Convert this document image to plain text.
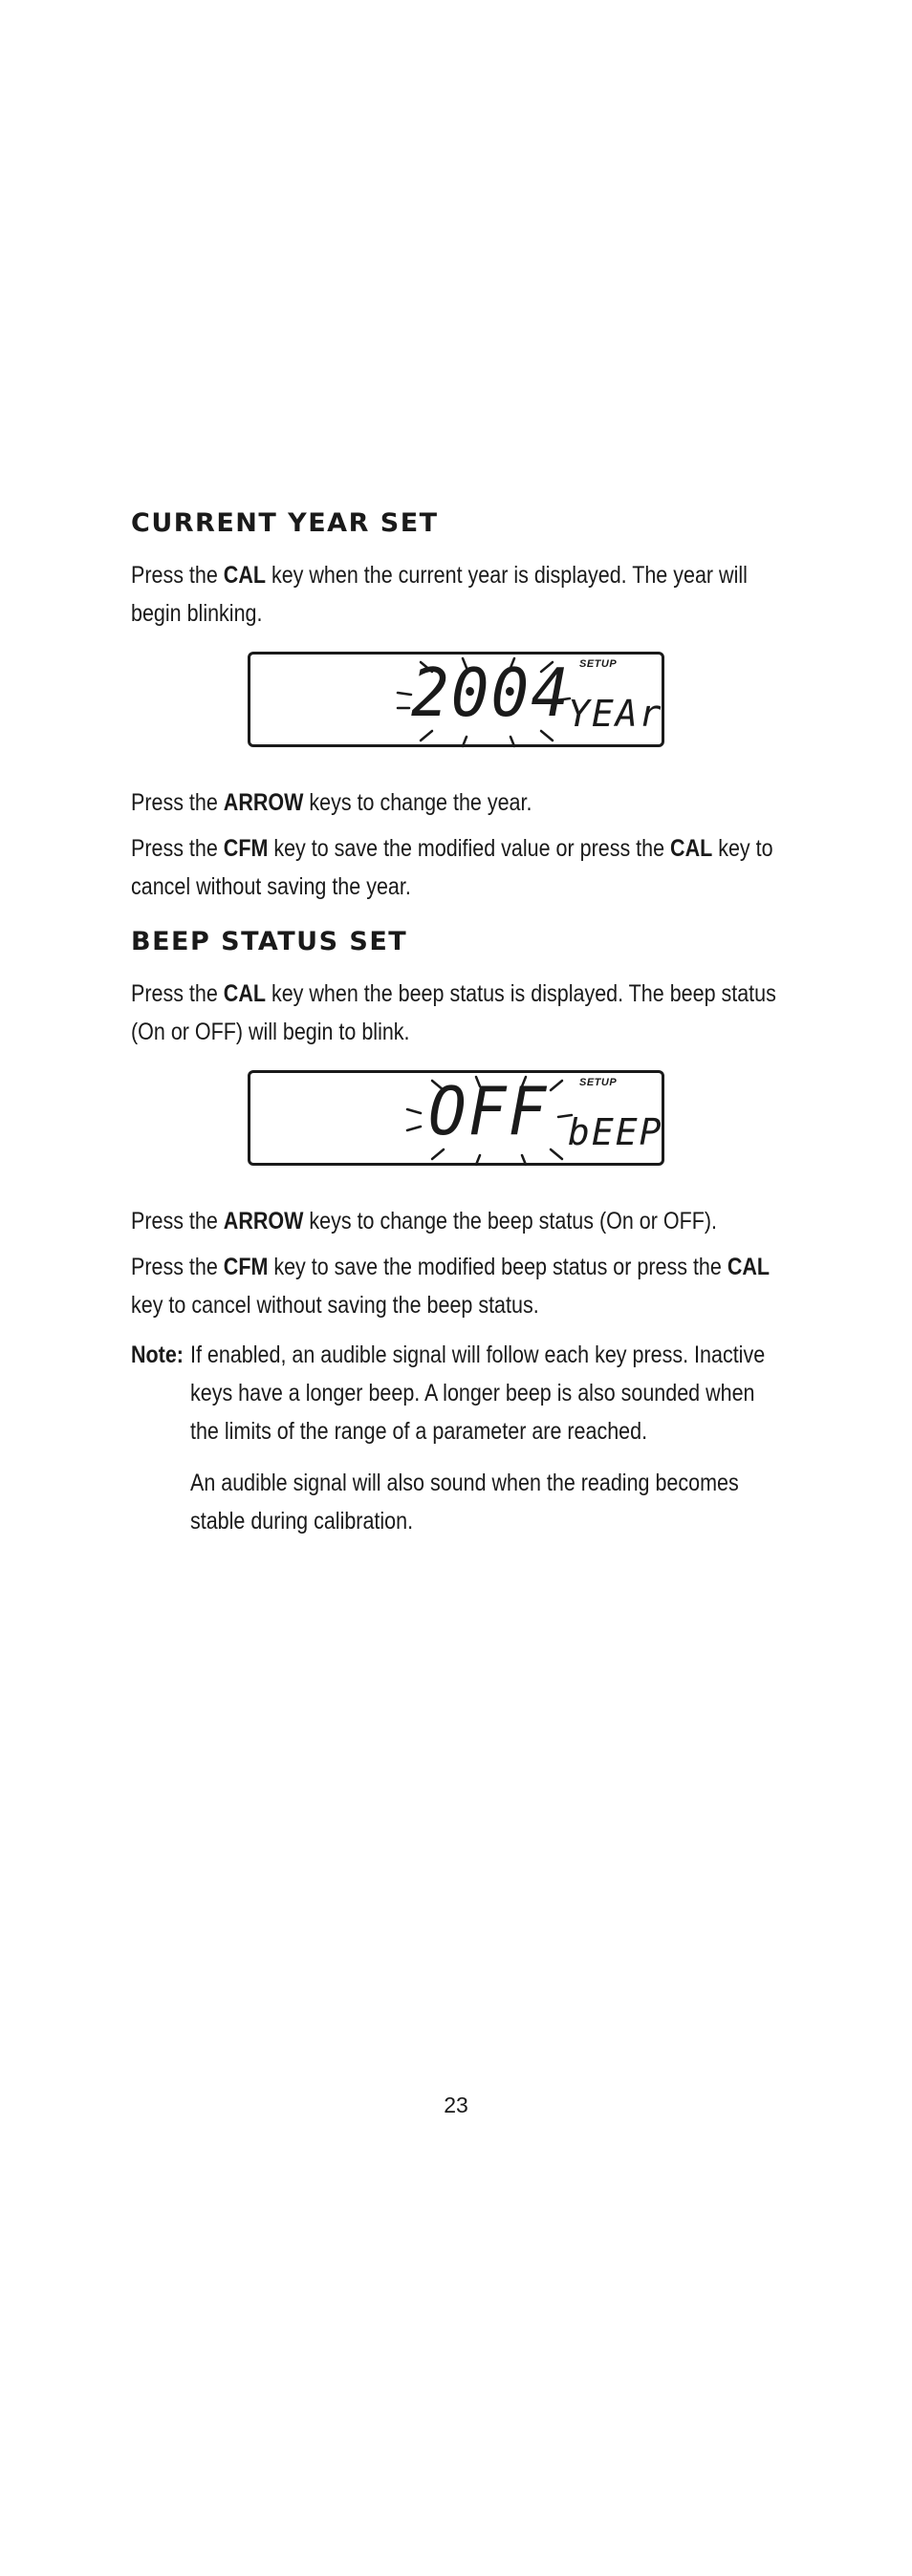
CURRENT YEAR SET

Press the CAL key when the current year is displayed. The year will begin blinking.

SETUP
2004
YEAr

Press the ARROW keys to change the year.

Press the CFM key to save the modified value or press the CAL key to cancel without saving the year.

BEEP STATUS SET

Press the CAL key when the beep status is displayed. The beep status (On or OFF) will begin to blink.

SETUP
OFF bEEP

Press the ARROW keys to change the beep status (On or OFF).

Press the CFM key to save the modified beep status or press the CAL key to cancel without saving the beep status.

Note: If enabled, an audible signal will follow each key press. Inactive keys have a longer beep. A longer beep is also sounded when the limits of the range of a parameter are reached.

An audible signal will also sound when the reading becomes stable during calibration.

23
